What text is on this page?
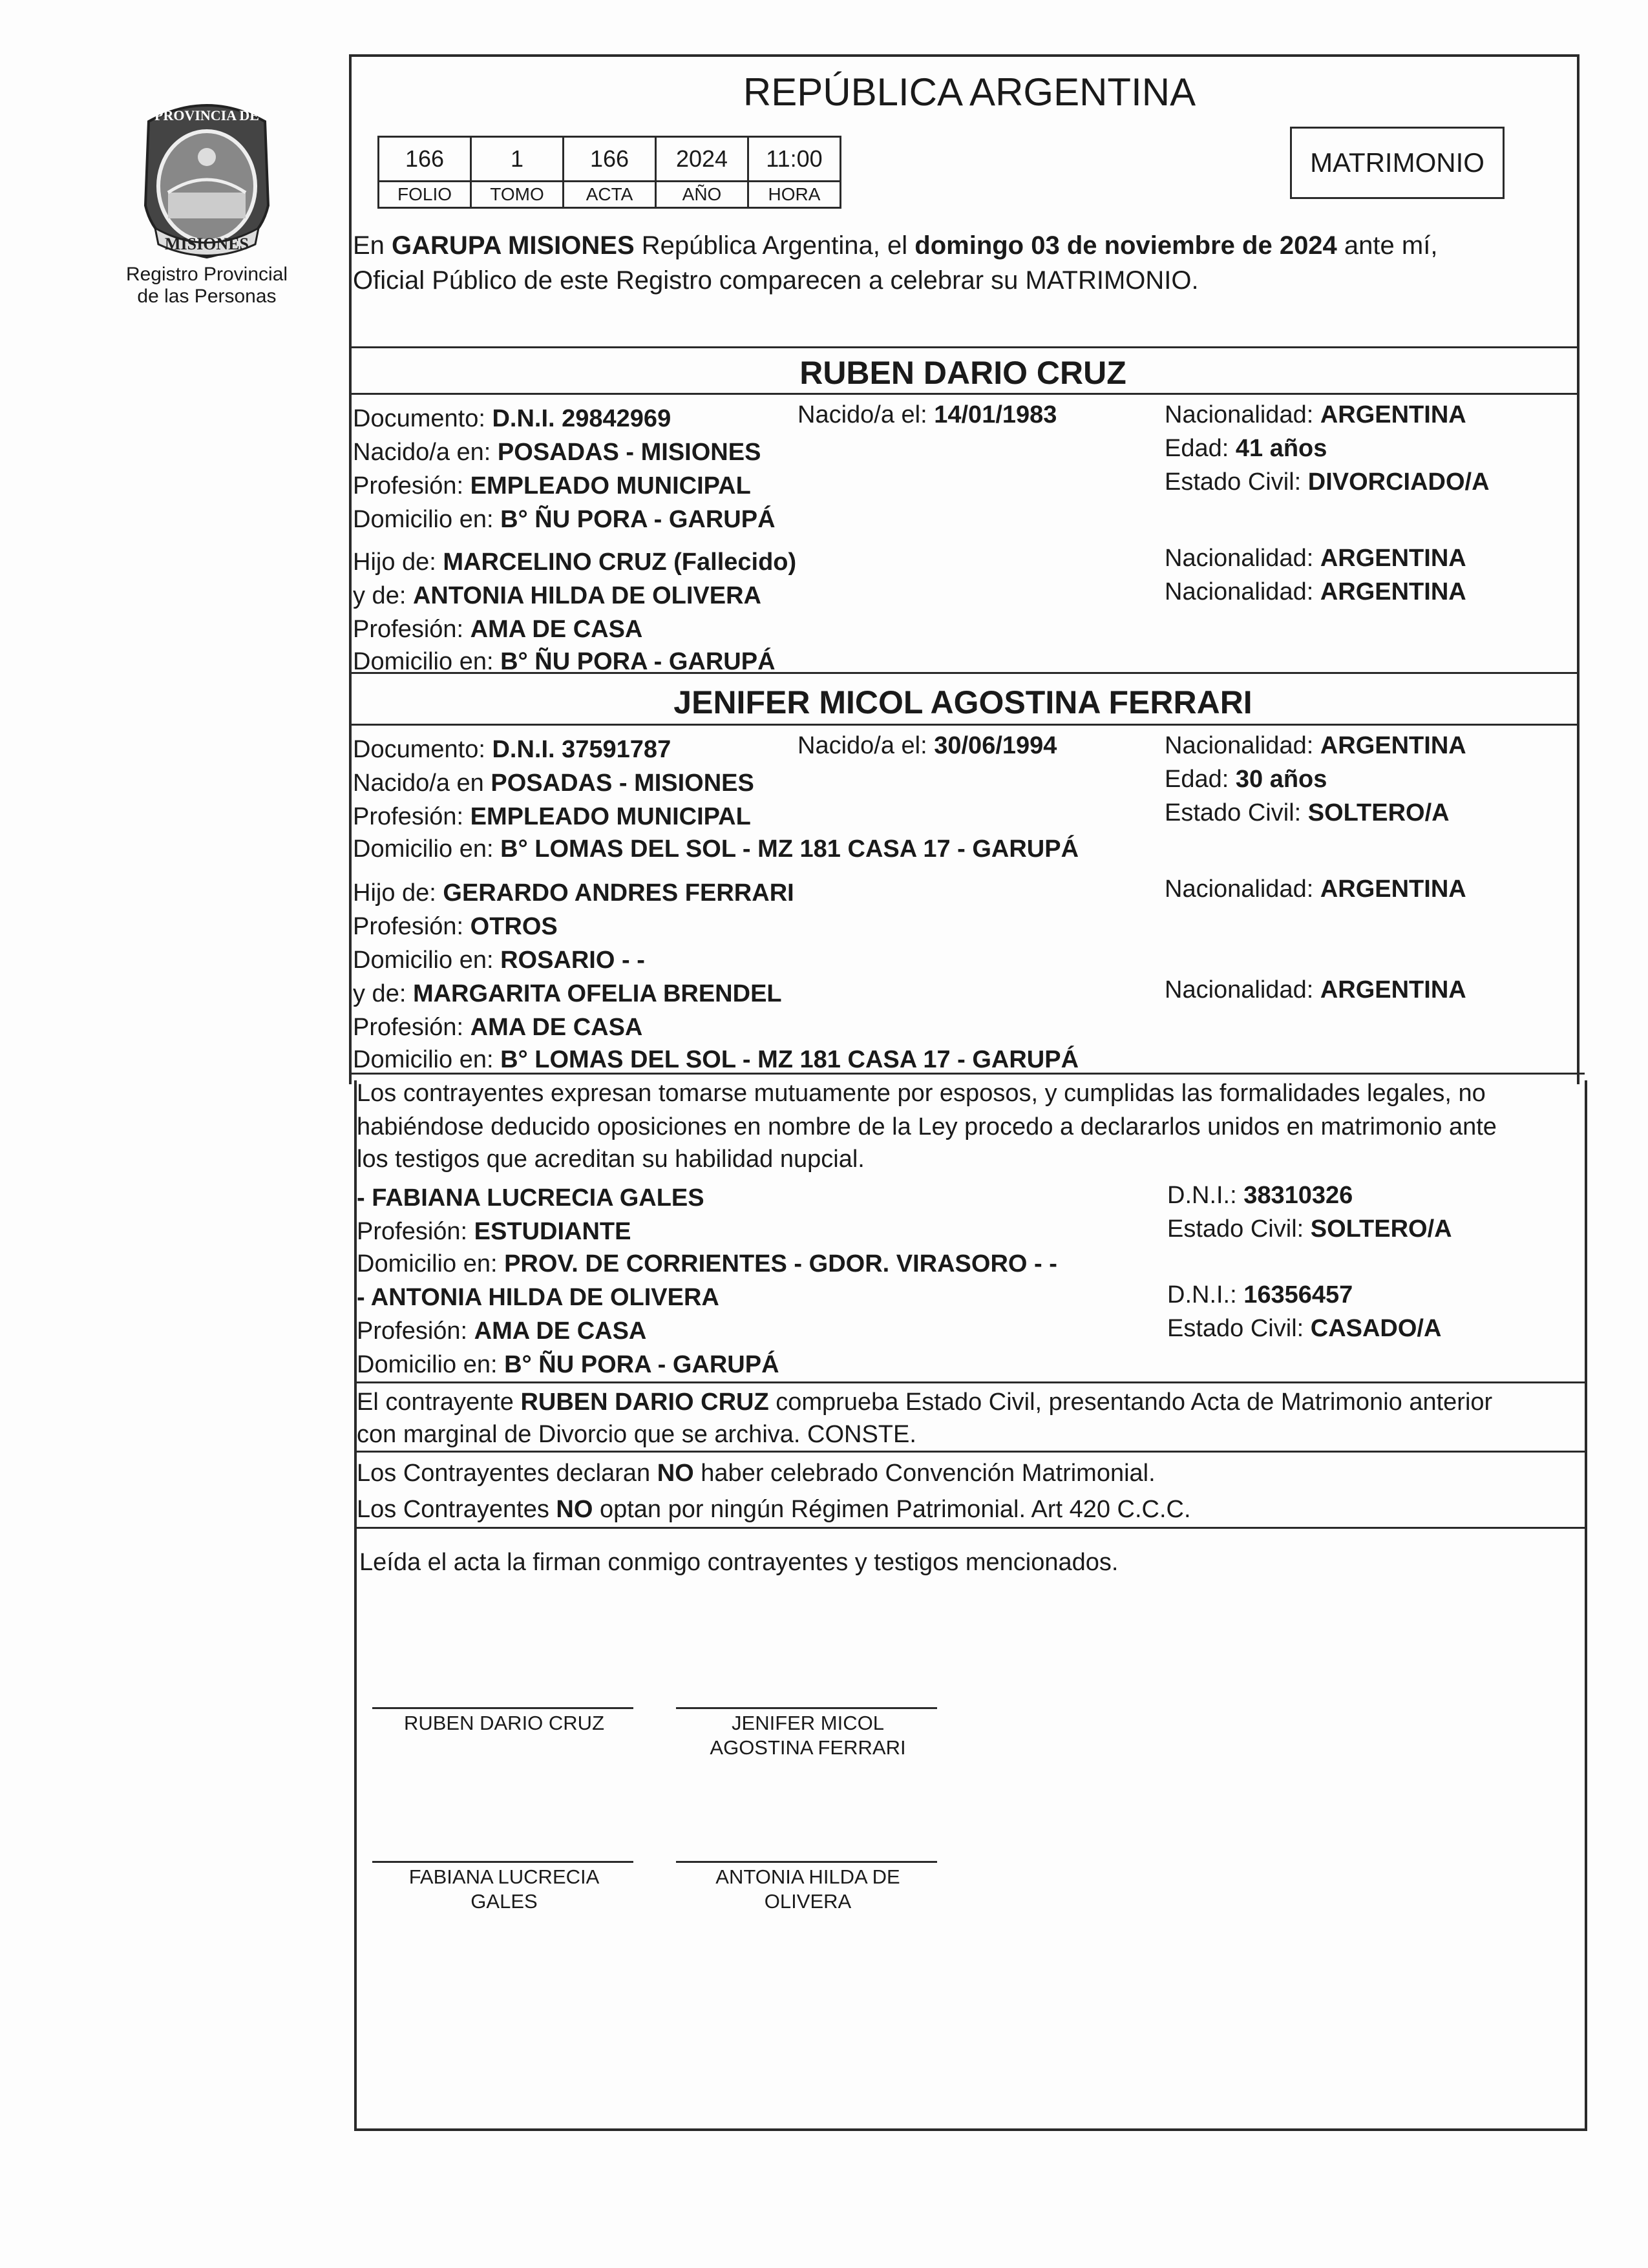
PROVINCIA DE
MISIONES
Registro Provincial
de las Personas
REPÚBLICA ARGENTINA
166	1	166	2024	11:00
FOLIO	TOMO	ACTA	AÑO	HORA
MATRIMONIO
En GARUPA MISIONES República Argentina, el domingo 03 de noviembre de 2024 ante mí,
Oficial Público de este Registro comparecen a celebrar su MATRIMONIO.
RUBEN DARIO CRUZ
Documento: D.N.I. 29842969	Nacido/a el: 14/01/1983	Nacionalidad: ARGENTINA
Nacido/a en: POSADAS - MISIONES	Edad: 41 años
Profesión: EMPLEADO MUNICIPAL	Estado Civil: DIVORCIADO/A
Domicilio en: B° ÑU PORA - GARUPÁ
Hijo de: MARCELINO CRUZ (Fallecido)	Nacionalidad: ARGENTINA
y de: ANTONIA HILDA DE OLIVERA	Nacionalidad: ARGENTINA
Profesión: AMA DE CASA
Domicilio en: B° ÑU PORA - GARUPÁ
JENIFER MICOL AGOSTINA FERRARI
Documento: D.N.I. 37591787	Nacido/a el: 30/06/1994	Nacionalidad: ARGENTINA
Nacido/a en POSADAS - MISIONES	Edad: 30 años
Profesión: EMPLEADO MUNICIPAL	Estado Civil: SOLTERO/A
Domicilio en: B° LOMAS DEL SOL - MZ 181 CASA 17 - GARUPÁ
Hijo de: GERARDO ANDRES FERRARI	Nacionalidad: ARGENTINA
Profesión: OTROS
Domicilio en: ROSARIO - -
y de: MARGARITA OFELIA BRENDEL	Nacionalidad: ARGENTINA
Profesión: AMA DE CASA
Domicilio en: B° LOMAS DEL SOL - MZ 181 CASA 17 - GARUPÁ
Los contrayentes expresan tomarse mutuamente por esposos, y cumplidas las formalidades legales, no
habiéndose deducido oposiciones en nombre de la Ley procedo a declararlos unidos en matrimonio ante
los testigos que acreditan su habilidad nupcial.
- FABIANA LUCRECIA GALES	D.N.I.: 38310326
Profesión: ESTUDIANTE	Estado Civil: SOLTERO/A
Domicilio en: PROV. DE CORRIENTES - GDOR. VIRASORO - -
- ANTONIA HILDA DE OLIVERA	D.N.I.: 16356457
Profesión: AMA DE CASA	Estado Civil: CASADO/A
Domicilio en: B° ÑU PORA - GARUPÁ
El contrayente RUBEN DARIO CRUZ comprueba Estado Civil, presentando Acta de Matrimonio anterior
con marginal de Divorcio que se archiva. CONSTE.
Los Contrayentes declaran NO haber celebrado Convención Matrimonial.
Los Contrayentes NO optan por ningún Régimen Patrimonial. Art 420 C.C.C.
Leída el acta la firman conmigo contrayentes y testigos mencionados.
RUBEN DARIO CRUZ	JENIFER MICOL
AGOSTINA FERRARI
FABIANA LUCRECIA
GALES
ANTONIA HILDA DE
OLIVERA
